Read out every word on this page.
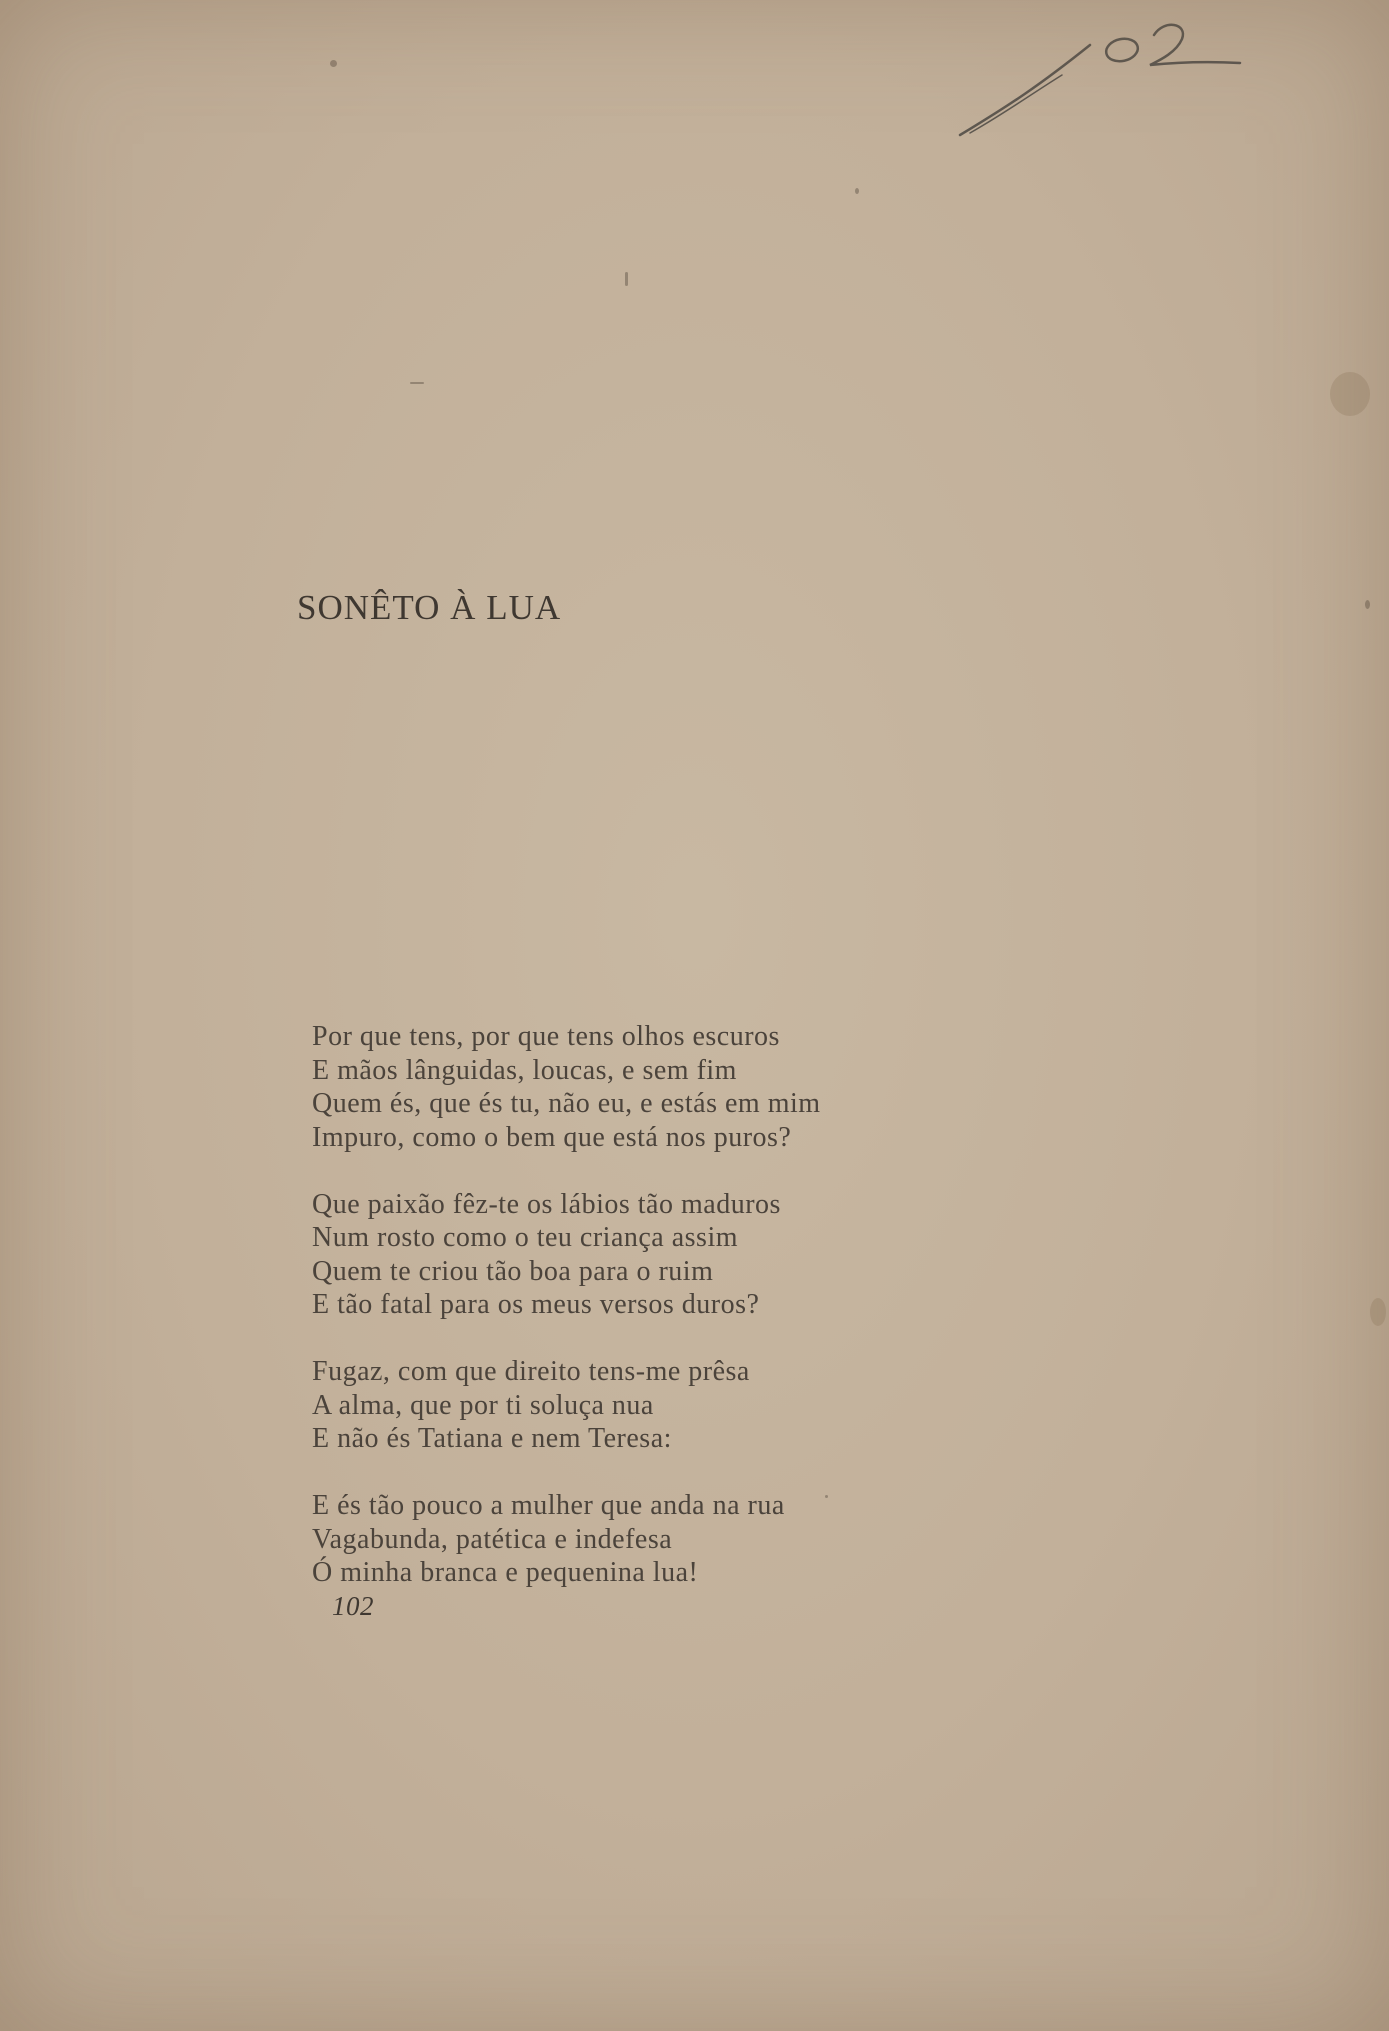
SONÊTO À LUA
Por que tens, por que tens olhos escuros
E mãos lânguidas, loucas, e sem fim
Quem és, que és tu, não eu, e estás em mim
Impuro, como o bem que está nos puros?
Que paixão fêz-te os lábios tão maduros
Num rosto como o teu criança assim
Quem te criou tão boa para o ruim
E tão fatal para os meus versos duros?
Fugaz, com que direito tens-me prêsa
A alma, que por ti soluça nua
E não és Tatiana e nem Teresa:
E és tão pouco a mulher que anda na rua
Vagabunda, patética e indefesa
Ó minha branca e pequenina lua!
102
